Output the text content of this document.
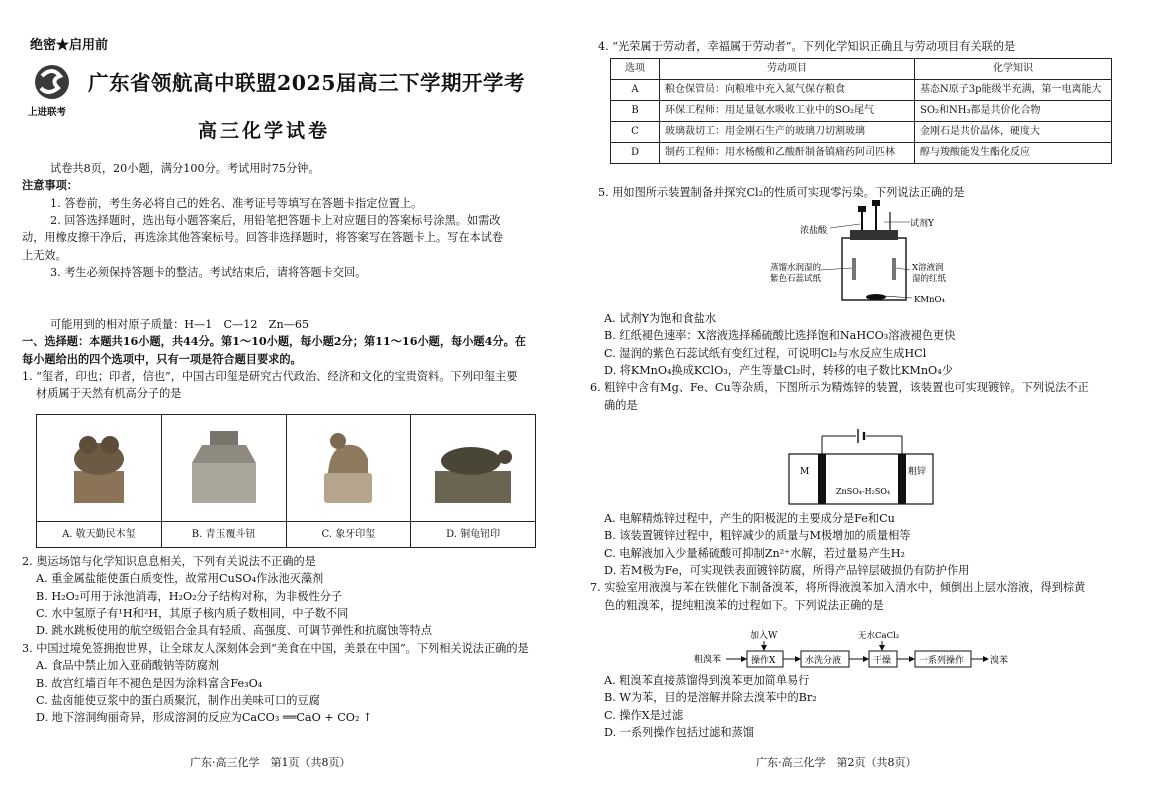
绝密★启用前
上进联考
广东省领航高中联盟2025届高三下学期开学考
高三化学试卷

试卷共8页，20小题，满分100分。考试用时75分钟。

注意事项：

1. 答卷前，考生务必将自己的姓名、准考证号等填写在答题卡指定位置上。

2. 回答选择题时，选出每小题答案后，用铅笔把答题卡上对应题目的答案标号涂黑。如需改

动，用橡皮擦干净后，再选涂其他答案标号。回答非选择题时，将答案写在答题卡上。写在本试卷

上无效。

3. 考生必须保持答题卡的整洁。考试结束后，请将答题卡交回。

可能用到的相对原子质量：H—1　C—12　Zn—65

一、选择题：本题共16小题，共44分。第1～10小题，每小题2分；第11～16小题，每小题4分。在

每小题给出的四个选项中，只有一项是符合题目要求的。

1. “玺者，印也；印者，信也”，中国古印玺是研究古代政治、经济和文化的宝贵资料。下列印玺主要

材质属于天然有机高分子的是

A. 敬天勤民木玺	B. 青玉覆斗钮	C. 象牙印玺	D. 铜龟钮印

2. 奥运场馆与化学知识息息相关，下列有关说法不正确的是

A. 重金属盐能使蛋白质变性，故常用CuSO₄作泳池灭藻剂

B. H₂O₂可用于泳池消毒，H₂O₂分子结构对称，为非极性分子

C. 水中氢原子有¹H和²H，其原子核内质子数相同，中子数不同

D. 跳水跳板使用的航空级铝合金具有轻质、高强度、可调节弹性和抗腐蚀等特点

3. 中国过境免签拥抱世界，让全球友人深刻体会到“美食在中国，美景在中国”。下列相关说法正确的是

A. 食品中禁止加入亚硝酸钠等防腐剂

B. 故宫红墙百年不褪色是因为涂料富含Fe₃O₄

C. 盐卤能使豆浆中的蛋白质聚沉，制作出美味可口的豆腐

D. 地下溶洞绚丽奇异，形成溶洞的反应为CaCO₃ ══CaO + CO₂ ↑

广东·高三化学　第1页（共8页）

4. “光荣属于劳动者，幸福属于劳动者”。下列化学知识正确且与劳动项目有关联的是

选项	劳动项目	化学知识
A	粮仓保管员：向粮堆中充入氮气保存粮食	基态N原子3p能级半充满，第一电离能大
B	环保工程师：用足量氨水吸收工业中的SO₂尾气	SO₂和NH₃都是共价化合物
C	玻璃裁切工：用金刚石生产的玻璃刀切割玻璃	金刚石是共价晶体，硬度大
D	制药工程师：用水杨酸和乙酸酐制备镇痛药阿司匹林	醇与羧酸能发生酯化反应

5. 用如图所示装置制备并探究Cl₂的性质可实现零污染。下列说法正确的是

浓盐酸
试剂Y
蒸馏水润湿的
紫色石蕊试纸
X溶液润
湿的红纸
KMnO₄

A. 试剂Y为饱和食盐水

B. 红纸褪色速率：X溶液选择稀硫酸比选择饱和NaHCO₃溶液褪色更快

C. 湿润的紫色石蕊试纸有变红过程，可说明Cl₂与水反应生成HCl

D. 将KMnO₄换成KClO₃，产生等量Cl₂时，转移的电子数比KMnO₄少

6. 粗锌中含有Mg、Fe、Cu等杂质，下图所示为精炼锌的装置，该装置也可实现镀锌。下列说法不正

确的是

M	粗锌
ZnSO₄-H₂SO₄

A. 电解精炼锌过程中，产生的阳极泥的主要成分是Fe和Cu

B. 该装置镀锌过程中，粗锌减少的质量与M极增加的质量相等

C. 电解液加入少量稀硫酸可抑制Zn²⁺水解，若过量易产生H₂

D. 若M极为Fe，可实现铁表面镀锌防腐，所得产品锌层破损仍有防护作用

7. 实验室用液溴与苯在铁催化下制备溴苯，将所得液溴苯加入清水中，倾倒出上层水溶液，得到棕黄

色的粗溴苯，提纯粗溴苯的过程如下。下列说法正确的是

粗溴苯
加入W
操作X	水洗分液
无水CaCl₂
干燥	一系列操作	溴苯

A. 粗溴苯直接蒸馏得到溴苯更加简单易行

B. W为苯，目的是溶解并除去溴苯中的Br₂

C. 操作X是过滤

D. 一系列操作包括过滤和蒸馏

广东·高三化学　第2页（共8页）
